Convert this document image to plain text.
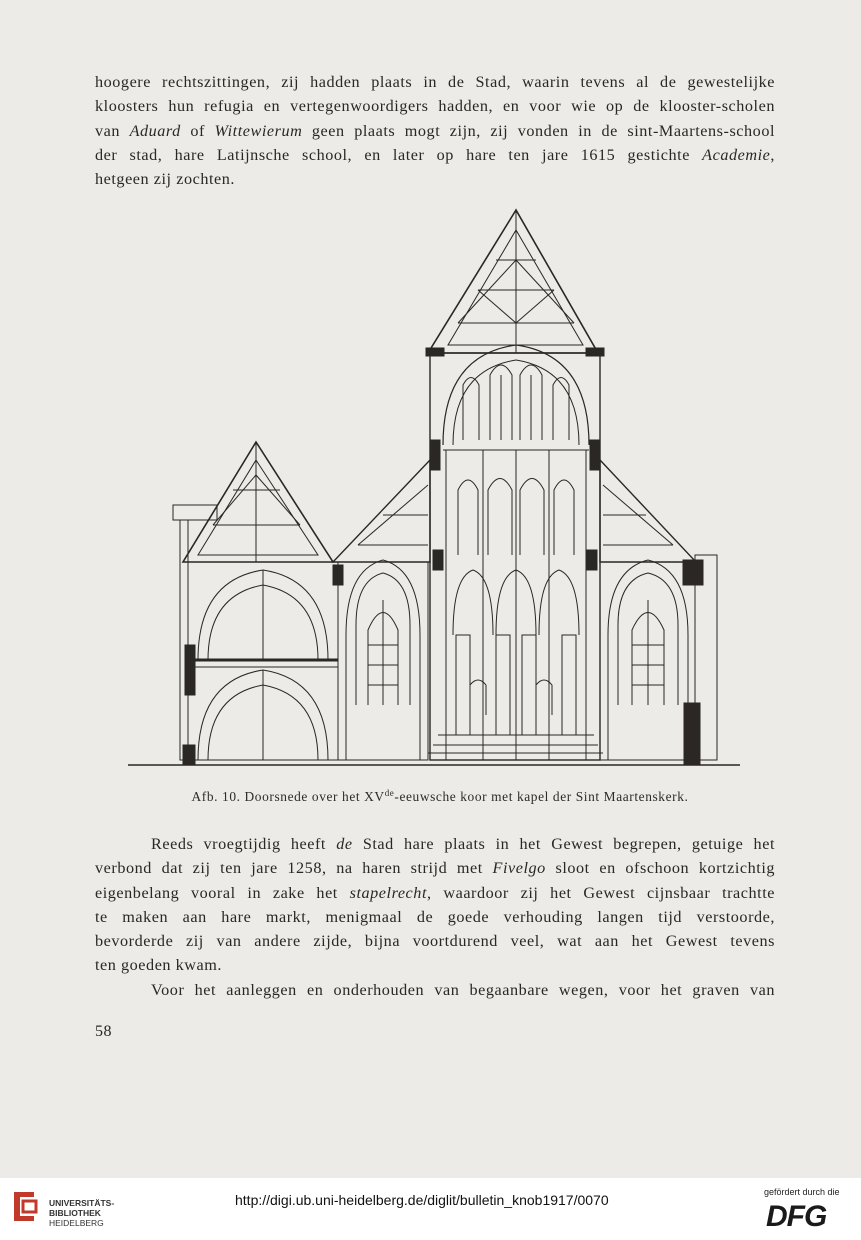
hoogere rechtszittingen, zij hadden plaats in de Stad, waarin tevens al de gewestelijke
kloosters hun refugia en vertegenwoordigers hadden, en voor wie op de klooster-scholen
van Aduard of Wittewierum geen plaats mogt zijn, zij vonden in de sint-Maartens-school
der stad, hare Latijnsche school, en later op hare ten jare 1615 gestichte Academie,
hetgeen zij zochten.
Afb. 10. Doorsnede over het XVde-eeuwsche koor met kapel der Sint Maartenskerk.
Reeds vroegtijdig heeft de Stad hare plaats in het Gewest begrepen, getuige het
verbond dat zij ten jare 1258, na haren strijd met Fivelgo sloot en ofschoon kortzichtig
eigenbelang vooral in zake het stapelrecht, waardoor zij het Gewest cijnsbaar trachtte
te maken aan hare markt, menigmaal de goede verhouding langen tijd verstoorde,
bevorderde zij van andere zijde, bijna voortdurend veel, wat aan het Gewest tevens
ten goeden kwam.
Voor het aanleggen en onderhouden van begaanbare wegen, voor het graven van
58
UNIVERSITÄTS-
BIBLIOTHEK
HEIDELBERG
http://digi.ub.uni-heidelberg.de/diglit/bulletin_knob1917/0070	gefördert durch die
DFG
